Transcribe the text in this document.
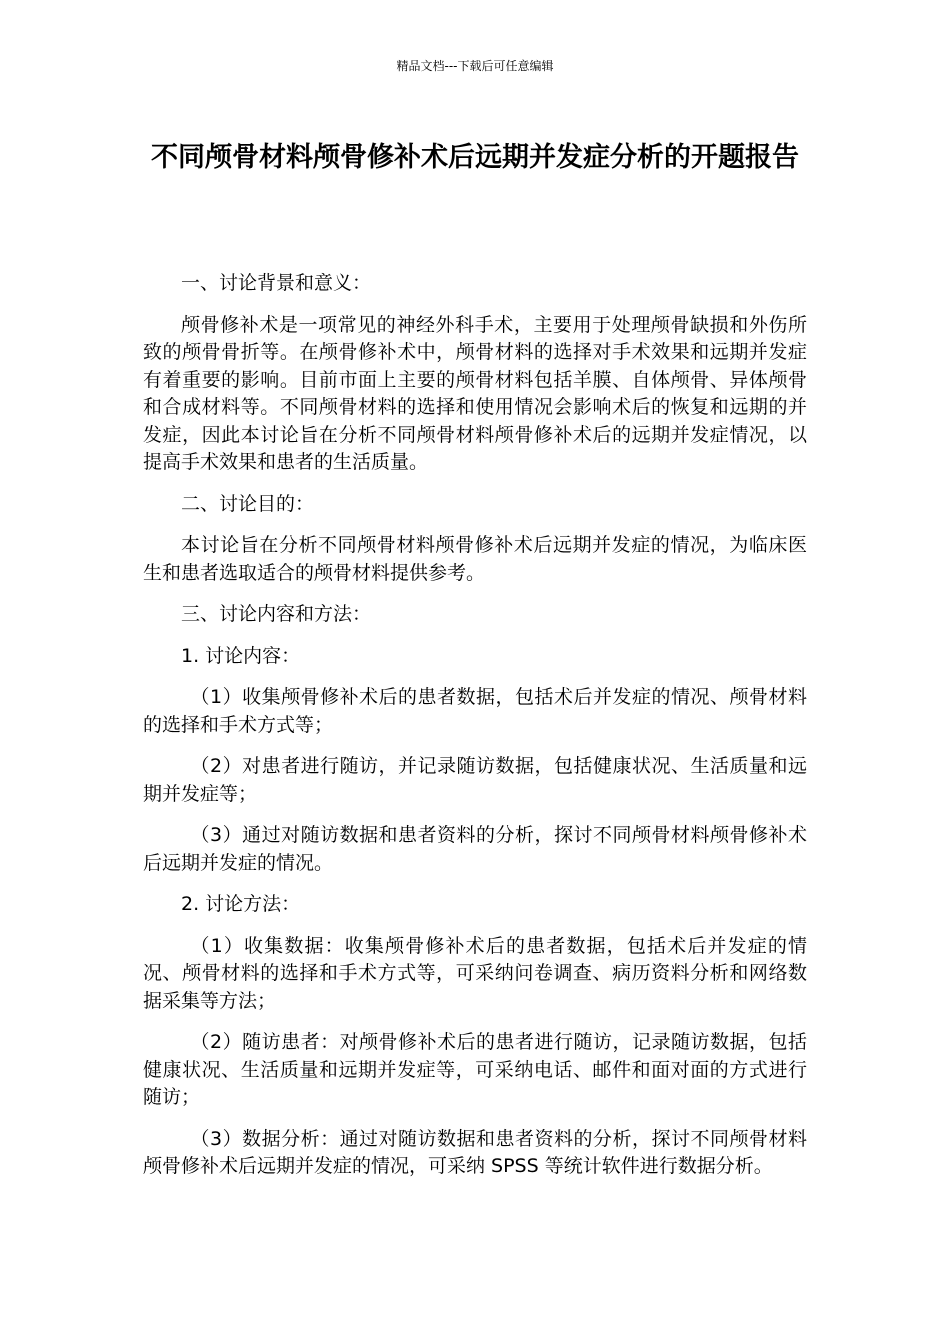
精品文档---下载后可任意编辑
不同颅骨材料颅骨修补术后远期并发症分析的开题报告

一、讨论背景和意义：

颅骨修补术是一项常见的神经外科手术，主要用于处理颅骨缺损和外伤所致的颅骨骨折等。在颅骨修补术中，颅骨材料的选择对手术效果和远期并发症有着重要的影响。目前市面上主要的颅骨材料包括羊膜、自体颅骨、异体颅骨和合成材料等。不同颅骨材料的选择和使用情况会影响术后的恢复和远期的并发症，因此本讨论旨在分析不同颅骨材料颅骨修补术后的远期并发症情况，以提高手术效果和患者的生活质量。

二、讨论目的：

本讨论旨在分析不同颅骨材料颅骨修补术后远期并发症的情况，为临床医生和患者选取适合的颅骨材料提供参考。

三、讨论内容和方法：

1. 讨论内容：

（1）收集颅骨修补术后的患者数据，包括术后并发症的情况、颅骨材料的选择和手术方式等；

（2）对患者进行随访，并记录随访数据，包括健康状况、生活质量和远期并发症等；

（3）通过对随访数据和患者资料的分析，探讨不同颅骨材料颅骨修补术后远期并发症的情况。

2. 讨论方法：

（1）收集数据：收集颅骨修补术后的患者数据，包括术后并发症的情况、颅骨材料的选择和手术方式等，可采纳问卷调查、病历资料分析和网络数据采集等方法；

（2）随访患者：对颅骨修补术后的患者进行随访，记录随访数据，包括健康状况、生活质量和远期并发症等，可采纳电话、邮件和面对面的方式进行随访；

（3）数据分析：通过对随访数据和患者资料的分析，探讨不同颅骨材料颅骨修补术后远期并发症的情况，可采纳 SPSS 等统计软件进行数据分析。
